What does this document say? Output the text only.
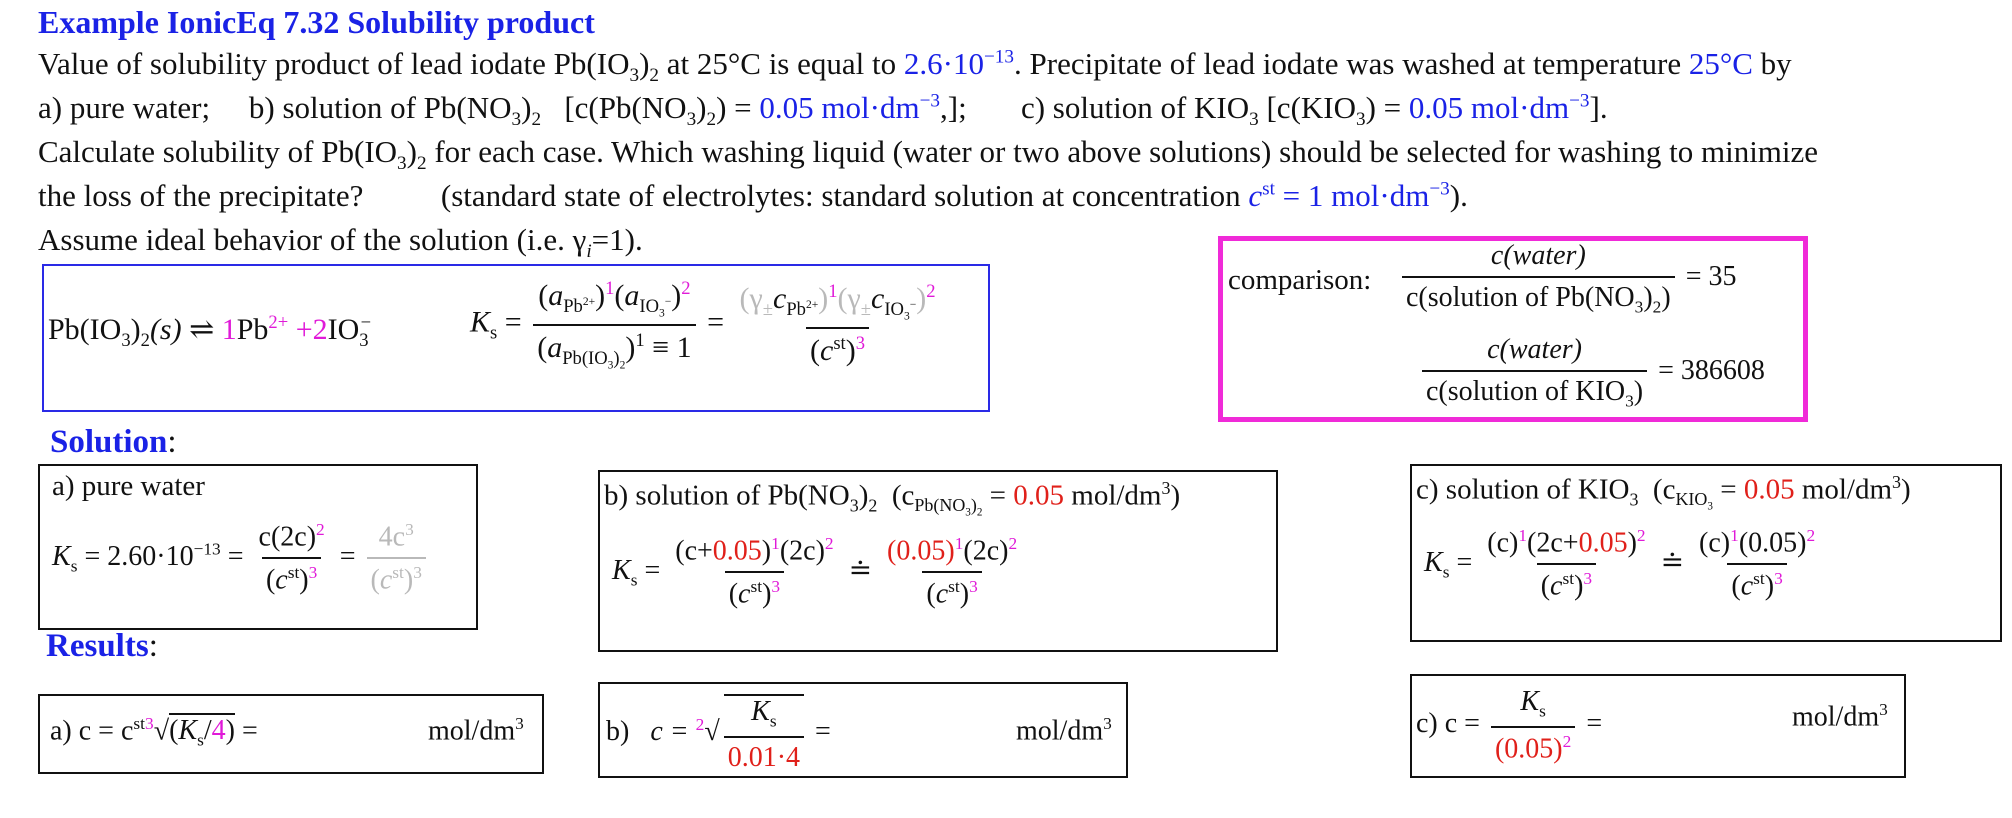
Example IonicEq 7.32 Solubility product
Value of solubility product of lead iodate $Pb(IO_3)_2$ at 25°C is equal to $2.6\cdot 10^{-13}$. Precipitate of lead iodate was washed at temperature 25°C by
a) pure water; b) solution of $Pb(NO_3)_2$ [$c(Pb(NO_3)_2) = 0.05$ $mol\cdot dm^{-3}$,]; c) solution of $KIO_3$ [$c(KIO_3) = 0.05$ $mol\cdot dm^{-3}$].
Calculate solubility of $Pb(IO_3)_2$ for each case. Which washing liquid (water or two above solutions) should be selected for washing to minimize
the loss of the precipitate?	(standard state of electrolytes: standard solution at concentration $c^{st} = 1$ $mol\cdot dm^{-3}$).
Assume ideal behavior of the solution (i.e. $\gamma_i=1$).
$Pb(IO_3)_2(s)$ ⇌ $1Pb^{2+} +2IO_3^-$	$K_s = \frac{(a_{Pb^{2+}})^1(a_{IO_3^-})^2}{(a_{Pb(IO_3)_2})^1 \equiv 1} = \frac{(\gamma_\pm c_{Pb^{2+}})^1(\gamma_\pm c_{IO_3^-})^2}{(c^{st})^3}$
comparison: $\frac{\text{c(water)}}{c(solution of Pb(NO_3)_2)} = 35$
$\frac{\text{c(water)}}{c(solution of KIO_3)} = 386608$
Solution:
a) pure water
$K_s = 2.60\cdot 10^{-13} = \frac{c(2c)^2}{(c^{st})^3} = \frac{4c^3}{(c^{st})^3}$
b) solution of $Pb(NO_3)_2$ ($c_{Pb(NO_3)_2} = 0.05$ mol/$dm^3$)
$K_s = \frac{(c+0.05)^1(2c)^2}{(c^{st})^3}$ ≐ $\frac{(0.05)^1(2c)^2}{(c^{st})^3}$
c) solution of $KIO_3$ ($c_{KIO_3} = 0.05$ mol/$dm^3$)
$K_s = \frac{(c)^1(2c+0.05)^2}{(c^{st})^3}$ ≐ $\frac{(c)^1(0.05)^2}{(c^{st})^3}$
Results:
a) $c = c^{st3}√(K_s/4)$ =	mol/$dm^3$	b) $c = ^2√ \frac{K_s}{0.01\cdot 4}$ =	mol/$dm^3$	c) $c = \frac{K_s}{(0.05)^2}$ =	mol/$dm^3$
